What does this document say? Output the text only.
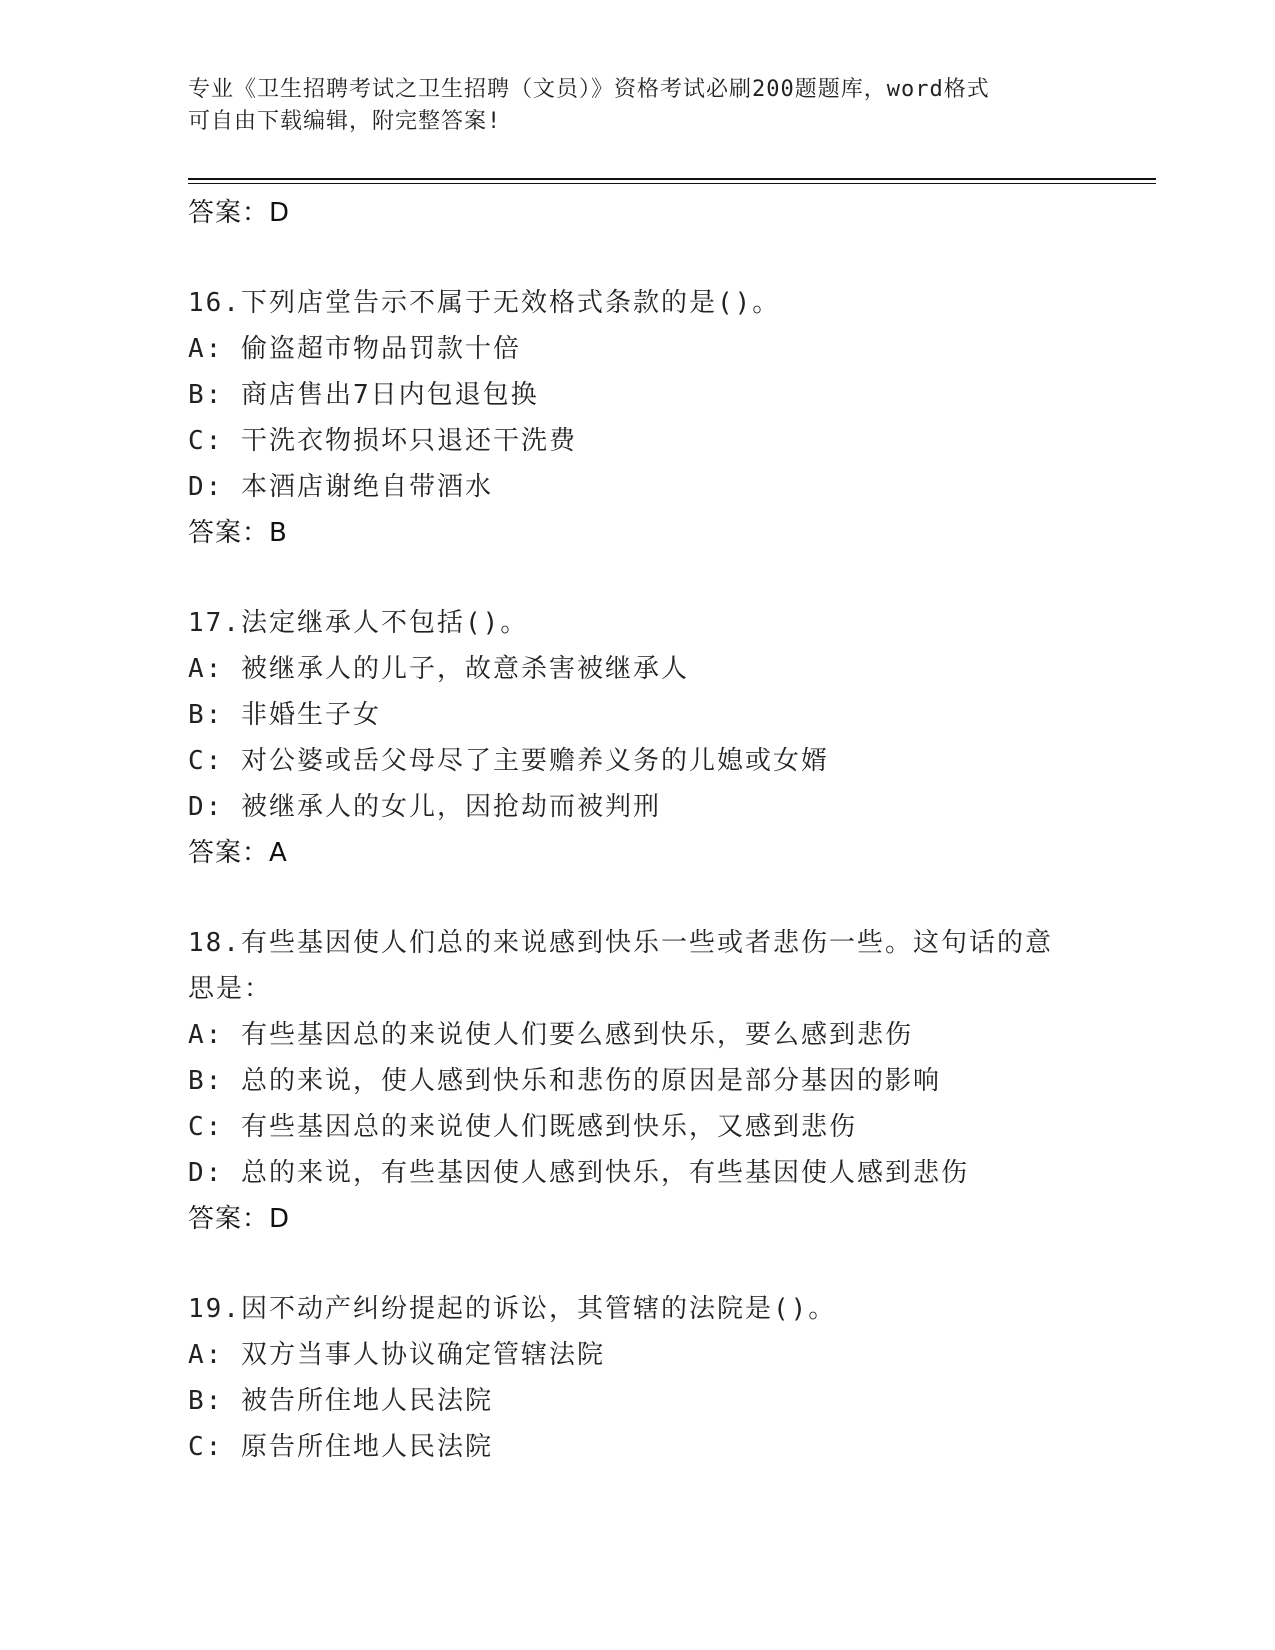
专业《卫生招聘考试之卫生招聘（文员）》资格考试必刷200题题库，word格式
可自由下载编辑，附完整答案!
答案：D
16.下列店堂告示不属于无效格式条款的是()。
A: 偷盗超市物品罚款十倍
B: 商店售出7日内包退包换
C: 干洗衣物损坏只退还干洗费
D: 本酒店谢绝自带酒水
答案：B
17.法定继承人不包括()。
A: 被继承人的儿子，故意杀害被继承人
B: 非婚生子女
C: 对公婆或岳父母尽了主要赡养义务的儿媳或女婿
D: 被继承人的女儿，因抢劫而被判刑
答案：A
18.有些基因使人们总的来说感到快乐一些或者悲伤一些。这句话的意
思是：
A: 有些基因总的来说使人们要么感到快乐，要么感到悲伤
B: 总的来说，使人感到快乐和悲伤的原因是部分基因的影响
C: 有些基因总的来说使人们既感到快乐，又感到悲伤
D: 总的来说，有些基因使人感到快乐，有些基因使人感到悲伤
答案：D
19.因不动产纠纷提起的诉讼，其管辖的法院是()。
A: 双方当事人协议确定管辖法院
B: 被告所住地人民法院
C: 原告所住地人民法院
